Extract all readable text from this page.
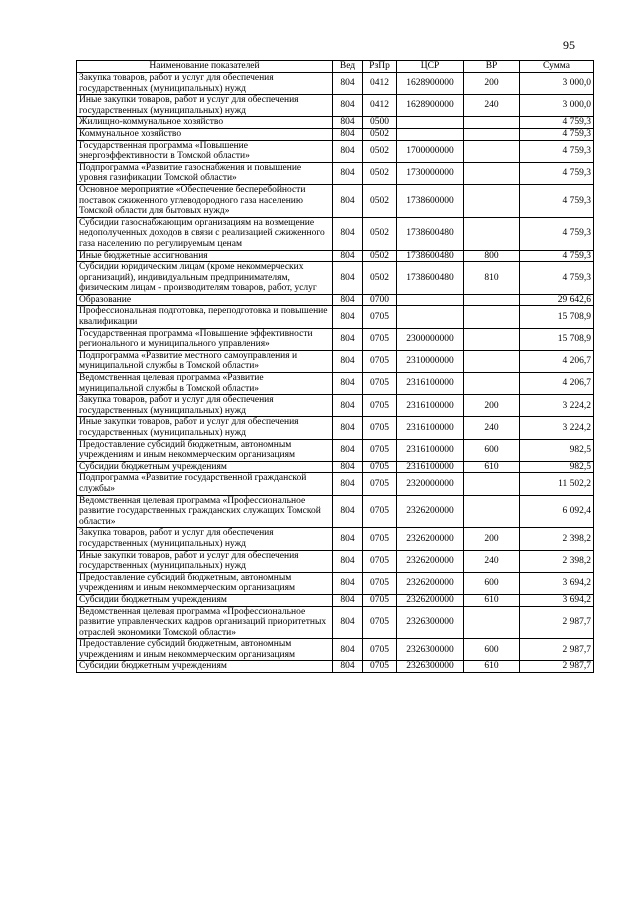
95
Наименование показателей	Вед	РзПр	ЦСР	ВР	Сумма
Закупка товаров, работ и услуг для обеспечения государственных (муниципальных) нужд	804	0412	1628900000	200	3 000,0
Иные закупки товаров, работ и услуг для обеспечения государственных (муниципальных) нужд	804	0412	1628900000	240	3 000,0
Жилищно-коммунальное хозяйство	804	0500			4 759,3
Коммунальное хозяйство	804	0502			4 759,3
Государственная программа «Повышение энергоэффективности в Томской области»	804	0502	1700000000		4 759,3
Подпрограмма «Развитие газоснабжения и повышение уровня газификации Томской области»	804	0502	1730000000		4 759,3
Основное мероприятие «Обеспечение бесперебойности поставок сжиженного углеводородного газа населению Томской области для бытовых нужд»	804	0502	1738600000		4 759,3
Субсидии газоснабжающим организациям на возмещение недополученных доходов в связи с реализацией сжиженного газа населению по регулируемым ценам	804	0502	1738600480		4 759,3
Иные бюджетные ассигнования	804	0502	1738600480	800	4 759,3
Субсидии юридическим лицам (кроме некоммерческих организаций), индивидуальным предпринимателям, физическим лицам - производителям товаров, работ, услуг	804	0502	1738600480	810	4 759,3
Образование	804	0700			29 642,6
Профессиональная подготовка, переподготовка и повышение квалификации	804	0705			15 708,9
Государственная программа «Повышение эффективности регионального и муниципального управления»	804	0705	2300000000		15 708,9
Подпрограмма «Развитие местного самоуправления и муниципальной службы в Томской области»	804	0705	2310000000		4 206,7
Ведомственная целевая программа «Развитие муниципальной службы в Томской области»	804	0705	2316100000		4 206,7
Закупка товаров, работ и услуг для обеспечения государственных (муниципальных) нужд	804	0705	2316100000	200	3 224,2
Иные закупки товаров, работ и услуг для обеспечения государственных (муниципальных) нужд	804	0705	2316100000	240	3 224,2
Предоставление субсидий бюджетным, автономным учреждениям и иным некоммерческим организациям	804	0705	2316100000	600	982,5
Субсидии бюджетным учреждениям	804	0705	2316100000	610	982,5
Подпрограмма «Развитие государственной гражданской службы»	804	0705	2320000000		11 502,2
Ведомственная целевая программа «Профессиональное развитие государственных гражданских служащих Томской области»	804	0705	2326200000		6 092,4
Закупка товаров, работ и услуг для обеспечения государственных (муниципальных) нужд	804	0705	2326200000	200	2 398,2
Иные закупки товаров, работ и услуг для обеспечения государственных (муниципальных) нужд	804	0705	2326200000	240	2 398,2
Предоставление субсидий бюджетным, автономным учреждениям и иным некоммерческим организациям	804	0705	2326200000	600	3 694,2
Субсидии бюджетным учреждениям	804	0705	2326200000	610	3 694,2
Ведомственная целевая программа «Профессиональное развитие управленческих кадров организаций приоритетных отраслей экономики Томской области»	804	0705	2326300000		2 987,7
Предоставление субсидий бюджетным, автономным учреждениям и иным некоммерческим организациям	804	0705	2326300000	600	2 987,7
Субсидии бюджетным учреждениям	804	0705	2326300000	610	2 987,7
